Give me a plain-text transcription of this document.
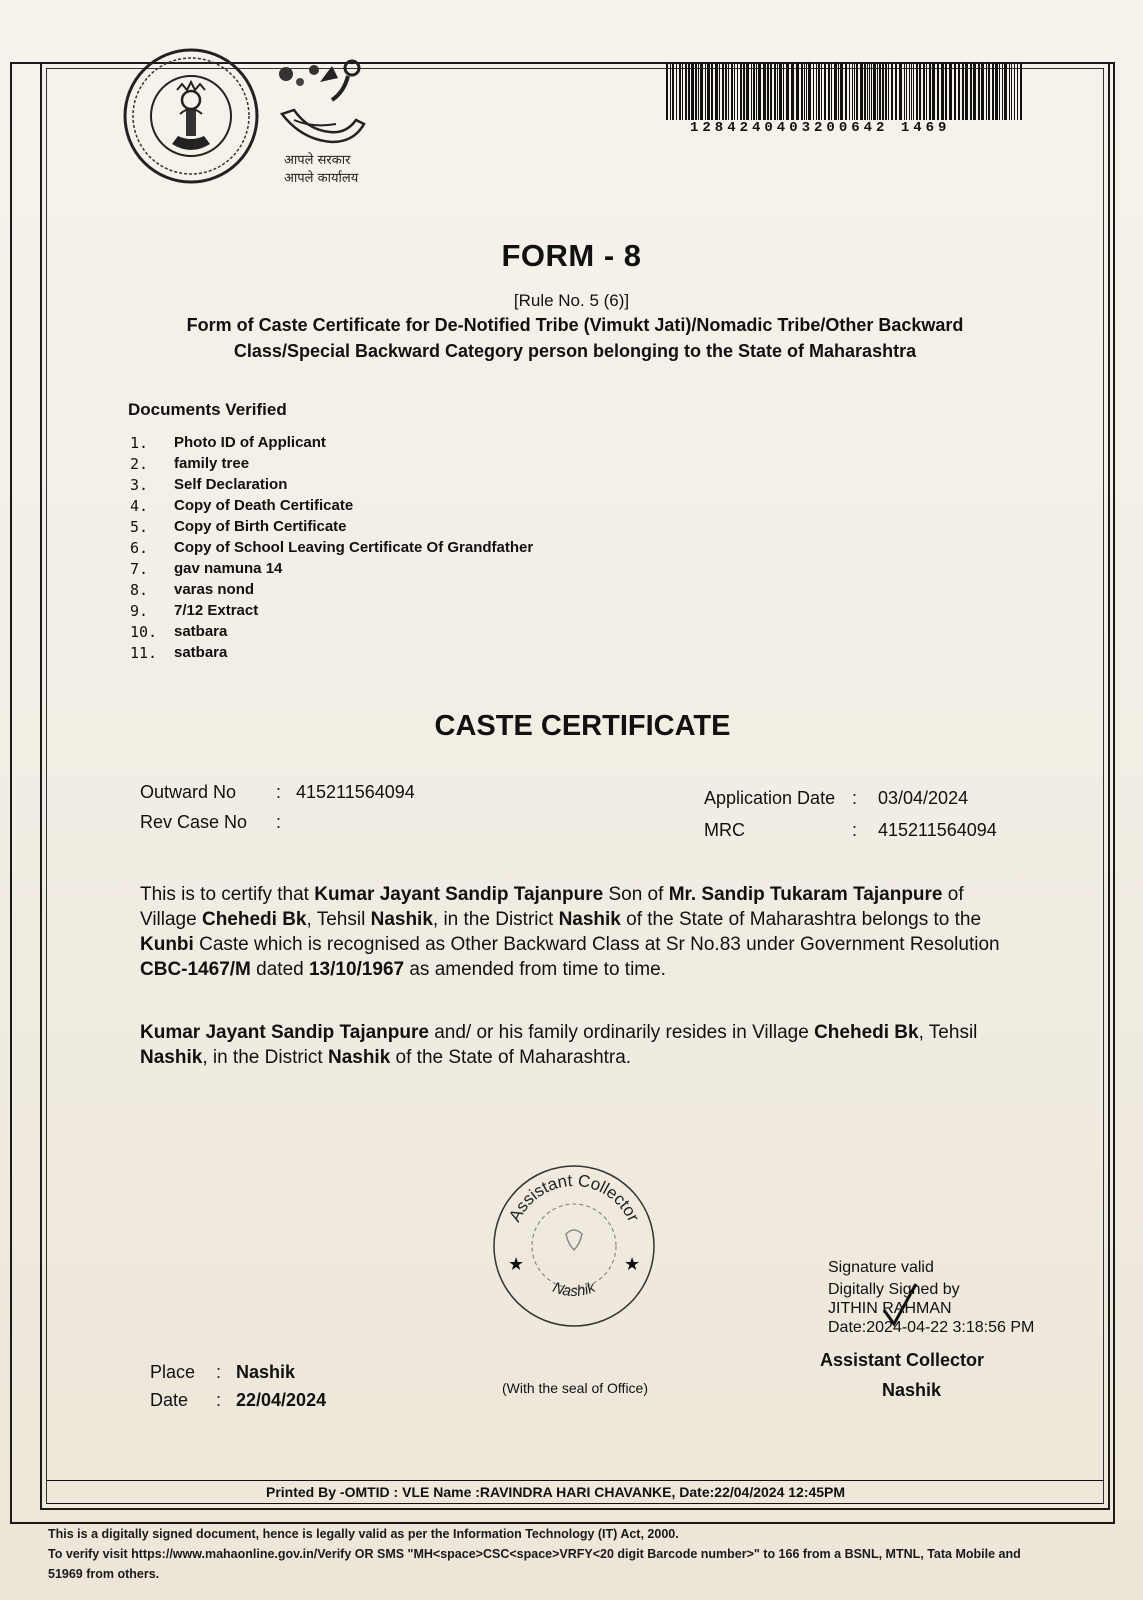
आपले सरकार
आपले कार्यालय
1284240403200642 1469
FORM - 8
[Rule No. 5 (6)]
Form of Caste Certificate for De-Notified Tribe (Vimukt Jati)/Nomadic Tribe/Other Backward Class/Special Backward Category person belonging to the State of Maharashtra
Documents Verified
1.	Photo ID of Applicant
2.	family tree
3.	Self Declaration
4.	Copy of Death Certificate
5.	Copy of Birth Certificate
6.	Copy of School Leaving Certificate Of Grandfather
7.	gav namuna 14
8.	varas nond
9.	7/12 Extract
10.	satbara
11.	satbara
CASTE CERTIFICATE
Outward No : 415211564094
Rev Case No :
Application Date : 03/04/2024
MRC	: 415211564094
This is to certify that Kumar Jayant Sandip Tajanpure Son of Mr. Sandip Tukaram Tajanpure of Village Chehedi Bk, Tehsil Nashik, in the District Nashik of the State of Maharashtra belongs to the Kunbi Caste which is recognised as Other Backward Class at Sr No.83 under Government Resolution CBC-1467/M dated 13/10/1967 as amended from time to time.
Kumar Jayant Sandip Tajanpure and/ or his family ordinarily resides in Village Chehedi Bk, Tehsil Nashik, in the District Nashik of the State of Maharashtra.
Assistant Collector
Nashik
★	★
(With the seal of Office)
Signature valid
Digitally Signed by
JITHIN RAHMAN
Date:2024-04-22 3:18:56 PM
Assistant Collector
Nashik
Place : Nashik
Date : 22/04/2024
Printed By -OMTID : VLE Name :RAVINDRA HARI CHAVANKE, Date:22/04/2024 12:45PM
This is a digitally signed document, hence is legally valid as per the Information Technology (IT) Act, 2000.
To verify visit https://www.mahaonline.gov.in/Verify OR SMS "MH<space>CSC<space>VRFY<20 digit Barcode number>" to 166 from a BSNL, MTNL, Tata Mobile and
51969 from others.
